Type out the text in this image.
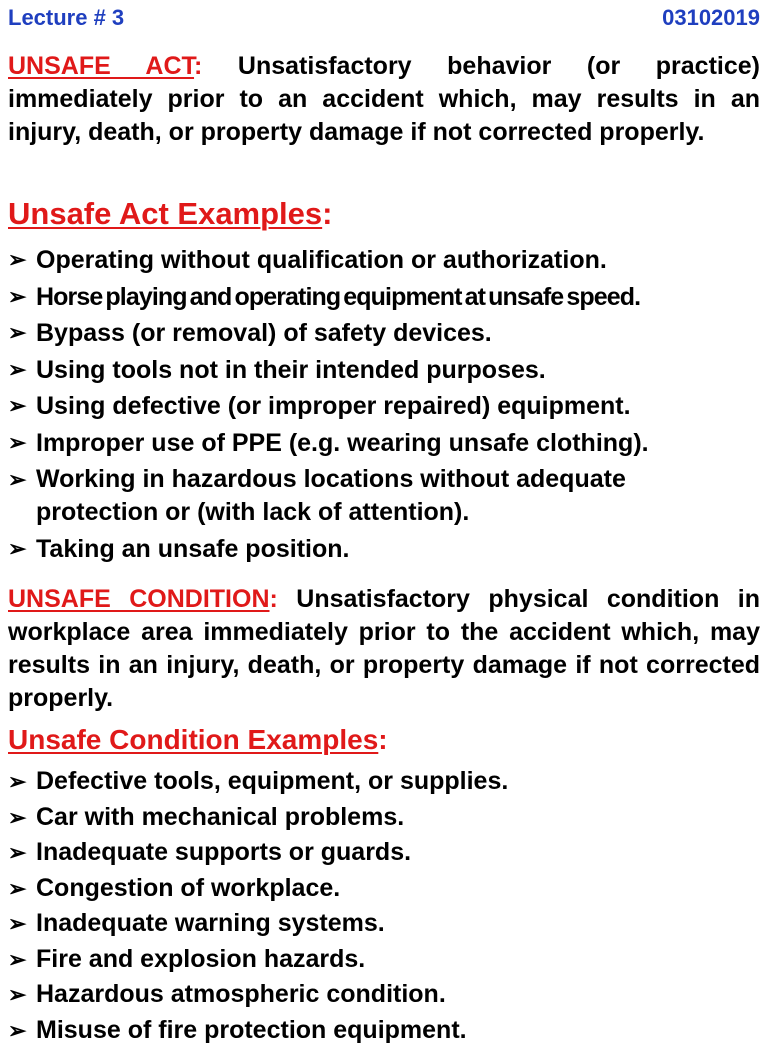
Lecture # 3	03102019
UNSAFE ACT: Unsatisfactory behavior (or practice) immediately prior to an accident which, may results in an injury, death, or property damage if not corrected properly.
Unsafe Act Examples:
➢ Operating without qualification or authorization.
➢ Horse playing and operating equipment at unsafe speed.
➢ Bypass (or removal) of safety devices.
➢ Using tools not in their intended purposes.
➢ Using defective (or improper repaired) equipment.
➢ Improper use of PPE (e.g. wearing unsafe clothing).
➢ Working in hazardous locations without adequate protection or (with lack of attention).
➢ Taking an unsafe position.
UNSAFE CONDITION: Unsatisfactory physical condition in workplace area immediately prior to the accident which, may results in an injury, death, or property damage if not corrected properly.
Unsafe Condition Examples:
➢ Defective tools, equipment, or supplies.
➢ Car with mechanical problems.
➢ Inadequate supports or guards.
➢ Congestion of workplace.
➢ Inadequate warning systems.
➢ Fire and explosion hazards.
➢ Hazardous atmospheric condition.
➢ Misuse of fire protection equipment.
